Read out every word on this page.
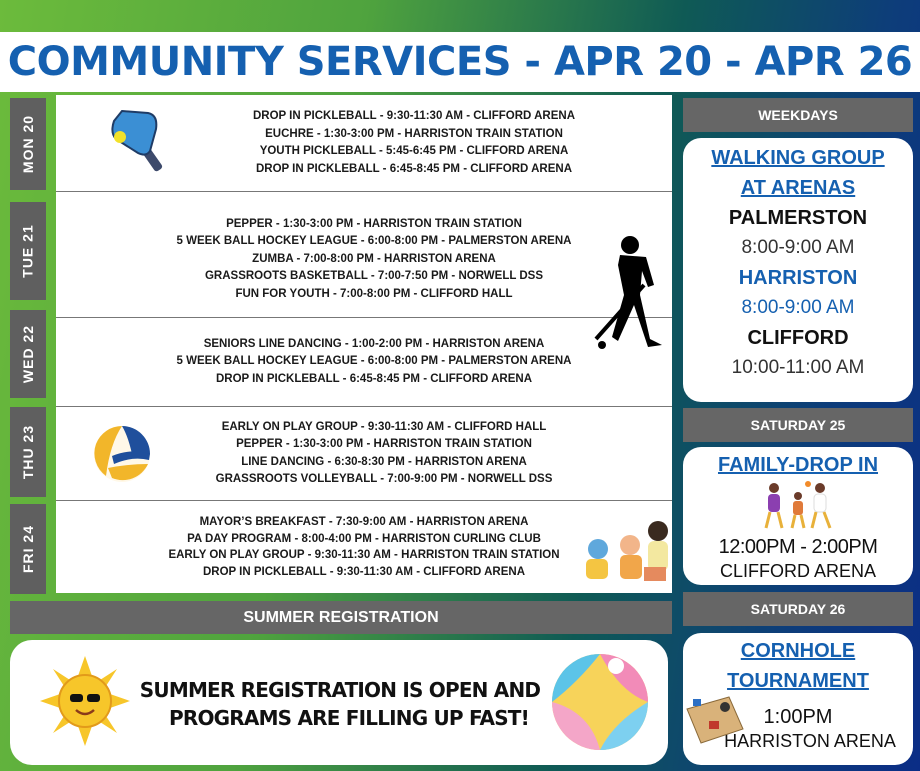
COMMUNITY SERVICES - APR 20 - APR 26
MON 20
TUE 21
WED 22
THU 23
FRI 24
DROP IN PICKLEBALL - 9:30-11:30 AM - CLIFFORD ARENA
EUCHRE - 1:30-3:00 PM - HARRISTON TRAIN STATION
YOUTH PICKLEBALL - 5:45-6:45 PM - CLIFFORD ARENA
DROP IN PICKLEBALL - 6:45-8:45 PM - CLIFFORD ARENA
PEPPER - 1:30-3:00 PM - HARRISTON TRAIN STATION
5 WEEK BALL HOCKEY LEAGUE - 6:00-8:00 PM - PALMERSTON ARENA
ZUMBA - 7:00-8:00 PM - HARRISTON ARENA
GRASSROOTS BASKETBALL - 7:00-7:50 PM - NORWELL DSS
FUN FOR YOUTH - 7:00-8:00 PM - CLIFFORD HALL
SENIORS LINE DANCING - 1:00-2:00 PM - HARRISTON ARENA
5 WEEK BALL HOCKEY LEAGUE - 6:00-8:00 PM - PALMERSTON ARENA
DROP IN PICKLEBALL - 6:45-8:45 PM - CLIFFORD ARENA
EARLY ON PLAY GROUP - 9:30-11:30 AM - CLIFFORD HALL
PEPPER - 1:30-3:00 PM - HARRISTON TRAIN STATION
LINE DANCING - 6:30-8:30 PM - HARRISTON ARENA
GRASSROOTS VOLLEYBALL - 7:00-9:00 PM - NORWELL DSS
MAYOR’S BREAKFAST - 7:30-9:00 AM - HARRISTON ARENA
PA DAY PROGRAM - 8:00-4:00 PM - HARRISTON CURLING CLUB
EARLY ON PLAY GROUP - 9:30-11:30 AM - HARRISTON TRAIN STATION
DROP IN PICKLEBALL - 9:30-11:30 AM - CLIFFORD ARENA
SUMMER REGISTRATION
SUMMER REGISTRATION IS OPEN AND
PROGRAMS ARE FILLING UP FAST!
WEEKDAYS
WALKING GROUP
AT ARENAS
PALMERSTON
8:00-9:00 AM
HARRISTON
8:00-9:00 AM
CLIFFORD
10:00-11:00 AM
SATURDAY 25
FAMILY-DROP IN
12:00PM - 2:00PM
CLIFFORD ARENA
SATURDAY 26
CORNHOLE
TOURNAMENT
1:00PM
HARRISTON ARENA
